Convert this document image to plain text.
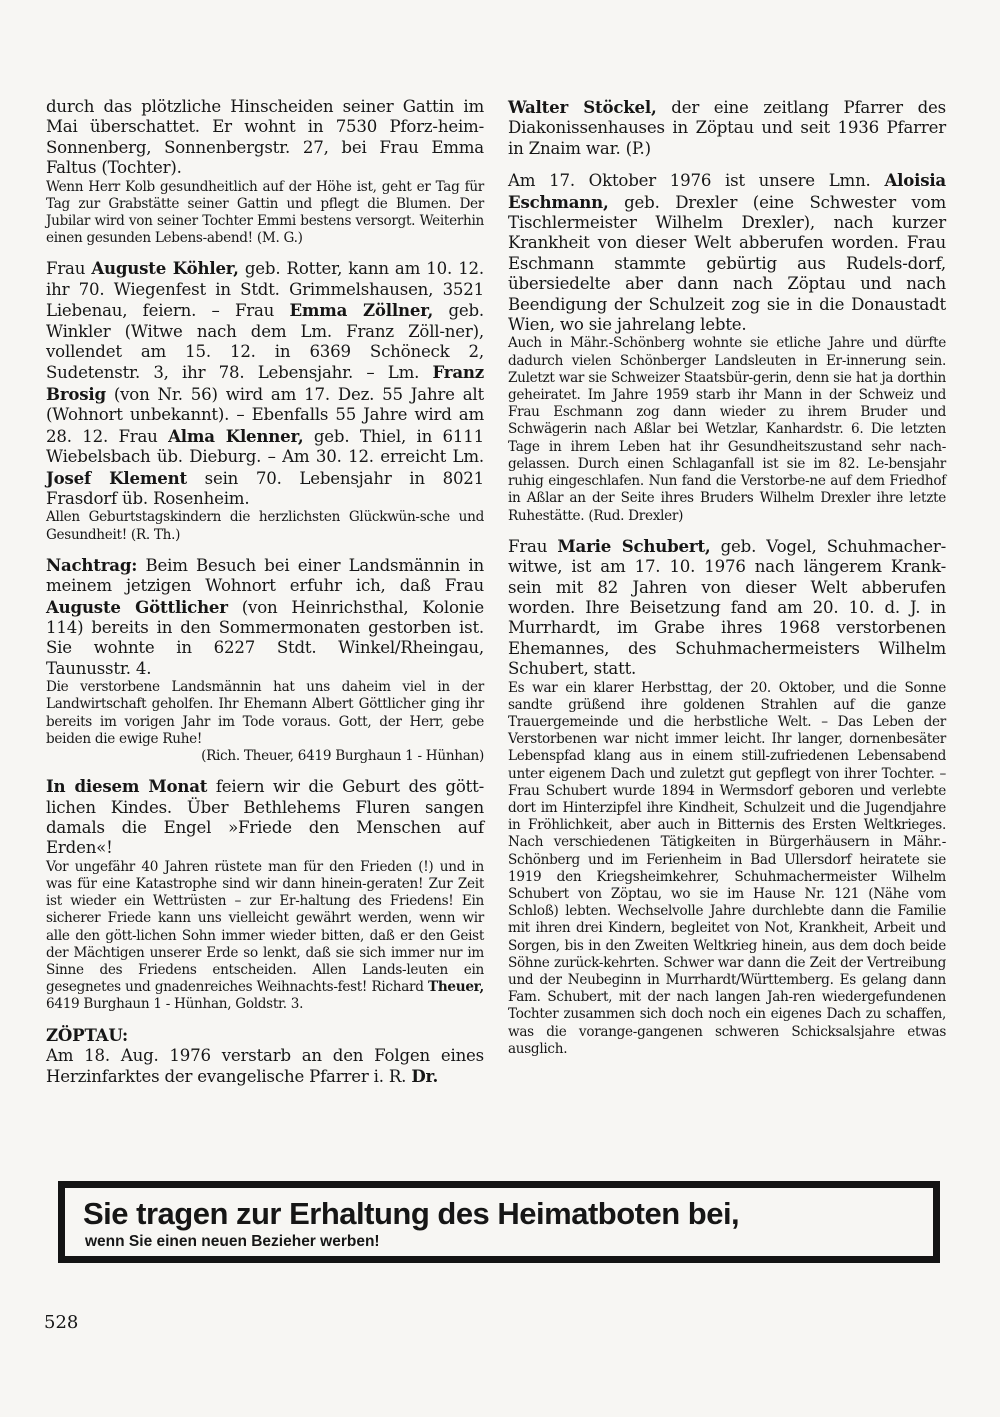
durch das plötzliche Hinscheiden seiner Gattin im Mai überschattet. Er wohnt in 7530 Pforz-heim-Sonnenberg, Sonnenbergstr. 27, bei Frau Emma Faltus (Tochter).

Wenn Herr Kolb gesundheitlich auf der Höhe ist, geht er Tag für Tag zur Grabstätte seiner Gattin und pflegt die Blumen. Der Jubilar wird von seiner Tochter Emmi bestens versorgt. Weiterhin einen gesunden Lebens-abend! (M. G.)

Frau Auguste Köhler, geb. Rotter, kann am 10. 12. ihr 70. Wiegenfest in Stdt. Grimmelshausen, 3521 Liebenau, feiern. – Frau Emma Zöllner, geb. Winkler (Witwe nach dem Lm. Franz Zöll-ner), vollendet am 15. 12. in 6369 Schöneck 2, Sudetenstr. 3, ihr 78. Lebensjahr. – Lm. Franz Brosig (von Nr. 56) wird am 17. Dez. 55 Jahre alt (Wohnort unbekannt). – Ebenfalls 55 Jahre wird am 28. 12. Frau Alma Klenner, geb. Thiel, in 6111 Wiebelsbach üb. Dieburg. – Am 30. 12. erreicht Lm. Josef Klement sein 70. Lebensjahr in 8021 Frasdorf üb. Rosenheim.

Allen Geburtstagskindern die herzlichsten Glückwün-sche und Gesundheit! (R. Th.)

Nachtrag: Beim Besuch bei einer Landsmännin in meinem jetzigen Wohnort erfuhr ich, daß Frau Auguste Göttlicher (von Heinrichsthal, Kolonie 114) bereits in den Sommermonaten gestorben ist. Sie wohnte in 6227 Stdt. Winkel/Rheingau, Taunusstr. 4.

Die verstorbene Landsmännin hat uns daheim viel in der Landwirtschaft geholfen. Ihr Ehemann Albert Göttlicher ging ihr bereits im vorigen Jahr im Tode voraus. Gott, der Herr, gebe beiden die ewige Ruhe!

(Rich. Theuer, 6419 Burghaun 1 - Hünhan)

In diesem Monat feiern wir die Geburt des gött-lichen Kindes. Über Bethlehems Fluren sangen damals die Engel »Friede den Menschen auf Erden«!

Vor ungefähr 40 Jahren rüstete man für den Frieden (!) und in was für eine Katastrophe sind wir dann hinein-geraten! Zur Zeit ist wieder ein Wettrüsten – zur Er-haltung des Friedens! Ein sicherer Friede kann uns vielleicht gewährt werden, wenn wir alle den gött-lichen Sohn immer wieder bitten, daß er den Geist der Mächtigen unserer Erde so lenkt, daß sie sich immer nur im Sinne des Friedens entscheiden. Allen Lands-leuten ein gesegnetes und gnadenreiches Weihnachts-fest! Richard Theuer, 6419 Burghaun 1 - Hünhan, Goldstr. 3.

ZÖPTAU:

Am 18. Aug. 1976 verstarb an den Folgen eines Herzinfarktes der evangelische Pfarrer i. R. Dr.

Walter Stöckel, der eine zeitlang Pfarrer des Diakonissenhauses in Zöptau und seit 1936 Pfarrer in Znaim war. (P.)

Am 17. Oktober 1976 ist unsere Lmn. Aloisia Eschmann, geb. Drexler (eine Schwester vom Tischlermeister Wilhelm Drexler), nach kurzer Krankheit von dieser Welt abberufen worden. Frau Eschmann stammte gebürtig aus Rudels-dorf, übersiedelte aber dann nach Zöptau und nach Beendigung der Schulzeit zog sie in die Donaustadt Wien, wo sie jahrelang lebte.

Auch in Mähr.-Schönberg wohnte sie etliche Jahre und dürfte dadurch vielen Schönberger Landsleuten in Er-innerung sein. Zuletzt war sie Schweizer Staatsbür-gerin, denn sie hat ja dorthin geheiratet. Im Jahre 1959 starb ihr Mann in der Schweiz und Frau Eschmann zog dann wieder zu ihrem Bruder und Schwägerin nach Aßlar bei Wetzlar, Kanhardstr. 6. Die letzten Tage in ihrem Leben hat ihr Gesundheitszustand sehr nach-gelassen. Durch einen Schlaganfall ist sie im 82. Le-bensjahr ruhig eingeschlafen. Nun fand die Verstorbe-ne auf dem Friedhof in Aßlar an der Seite ihres Bruders Wilhelm Drexler ihre letzte Ruhestätte. (Rud. Drexler)

Frau Marie Schubert, geb. Vogel, Schuhmacher-witwe, ist am 17. 10. 1976 nach längerem Krank-sein mit 82 Jahren von dieser Welt abberufen worden. Ihre Beisetzung fand am 20. 10. d. J. in Murrhardt, im Grabe ihres 1968 verstorbenen Ehemannes, des Schuhmachermeisters Wilhelm Schubert, statt.

Es war ein klarer Herbsttag, der 20. Oktober, und die Sonne sandte grüßend ihre goldenen Strahlen auf die ganze Trauergemeinde und die herbstliche Welt. – Das Leben der Verstorbenen war nicht immer leicht. Ihr langer, dornenbesäter Lebenspfad klang aus in einem still-zufriedenen Lebensabend unter eigenem Dach und zuletzt gut gepflegt von ihrer Tochter. – Frau Schubert wurde 1894 in Wermsdorf geboren und verlebte dort im Hinterzipfel ihre Kindheit, Schulzeit und die Jugendjahre in Fröhlichkeit, aber auch in Bitternis des Ersten Weltkrieges. Nach verschiedenen Tätigkeiten in Bürgerhäusern in Mähr.-Schönberg und im Ferienheim in Bad Ullersdorf heiratete sie 1919 den Kriegsheimkehrer, Schuhmachermeister Wilhelm Schubert von Zöptau, wo sie im Hause Nr. 121 (Nähe vom Schloß) lebten. Wechselvolle Jahre durchlebte dann die Familie mit ihren drei Kindern, begleitet von Not, Krankheit, Arbeit und Sorgen, bis in den Zweiten Weltkrieg hinein, aus dem doch beide Söhne zurück-kehrten. Schwer war dann die Zeit der Vertreibung und der Neubeginn in Murrhardt/Württemberg. Es gelang dann Fam. Schubert, mit der nach langen Jah-ren wiedergefundenen Tochter zusammen sich doch noch ein eigenes Dach zu schaffen, was die vorange-gangenen schweren Schicksalsjahre etwas ausglich.

Sie tragen zur Erhaltung des Heimatboten bei,
wenn Sie einen neuen Bezieher werben!
528
